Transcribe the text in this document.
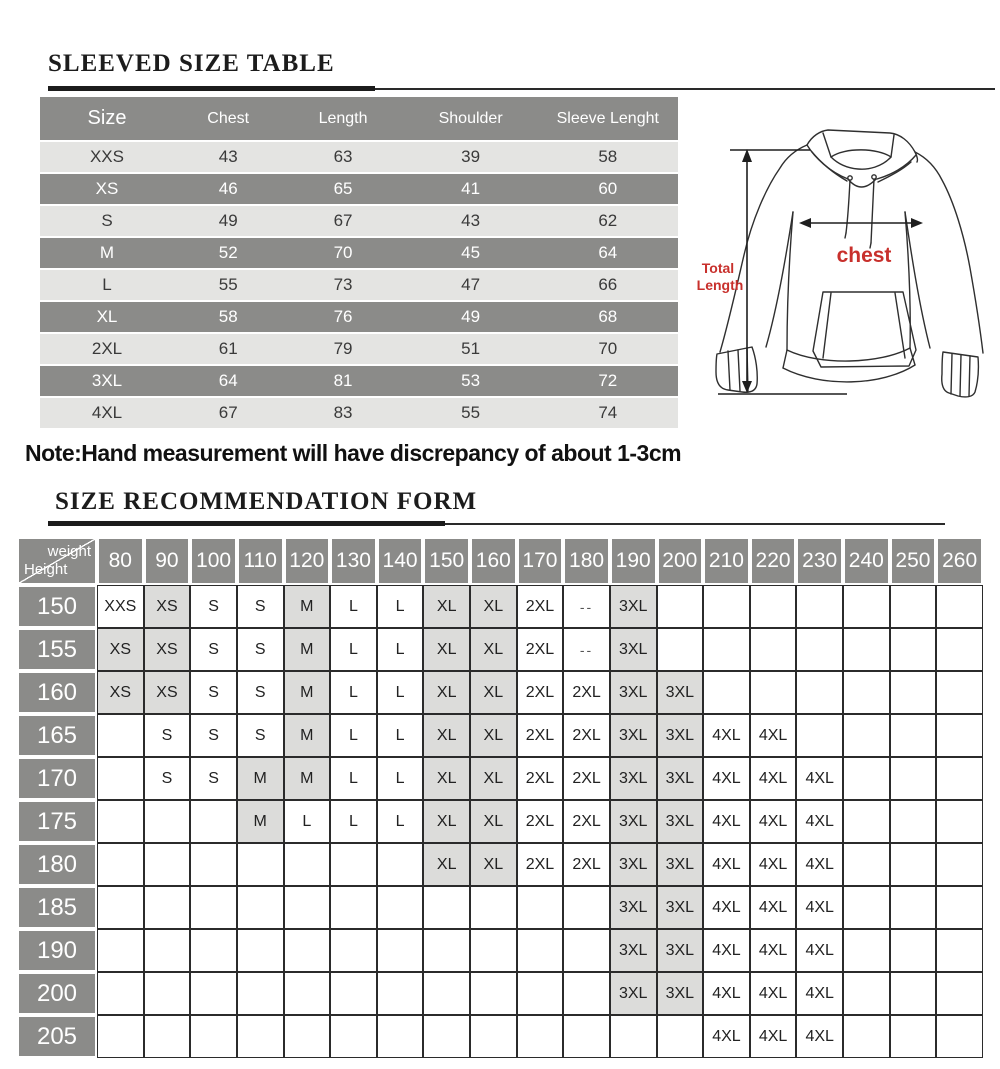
SLEEVED SIZE TABLE
Size	Chest	Length	Shoulder	Sleeve Lenght
XXS	43	63	39	58
XS	46	65	41	60
S	49	67	43	62
M	52	70	45	64
L	55	73	47	66
XL	58	76	49	68
2XL	61	79	51	70
3XL	64	81	53	72
4XL	67	83	55	74
Note:Hand measurement will have discrepancy of about 1-3cm
SIZE RECOMMENDATION FORM
weight
Height	80	90	100	110	120	130	140	150	160	170	180	190	200	210	220	230	240	250	260
150	XXS	XS	S	S	M	L	L	XL	XL	2XL	--	3XL							
155	XS	XS	S	S	M	L	L	XL	XL	2XL	--	3XL							
160	XS	XS	S	S	M	L	L	XL	XL	2XL	2XL	3XL	3XL						
165		S	S	S	M	L	L	XL	XL	2XL	2XL	3XL	3XL	4XL	4XL				
170		S	S	M	M	L	L	XL	XL	2XL	2XL	3XL	3XL	4XL	4XL	4XL			
175				M	L	L	L	XL	XL	2XL	2XL	3XL	3XL	4XL	4XL	4XL			
180								XL	XL	2XL	2XL	3XL	3XL	4XL	4XL	4XL			
185												3XL	3XL	4XL	4XL	4XL			
190												3XL	3XL	4XL	4XL	4XL			
200												3XL	3XL	4XL	4XL	4XL			
205														4XL	4XL	4XL			
Total
Length
chest
